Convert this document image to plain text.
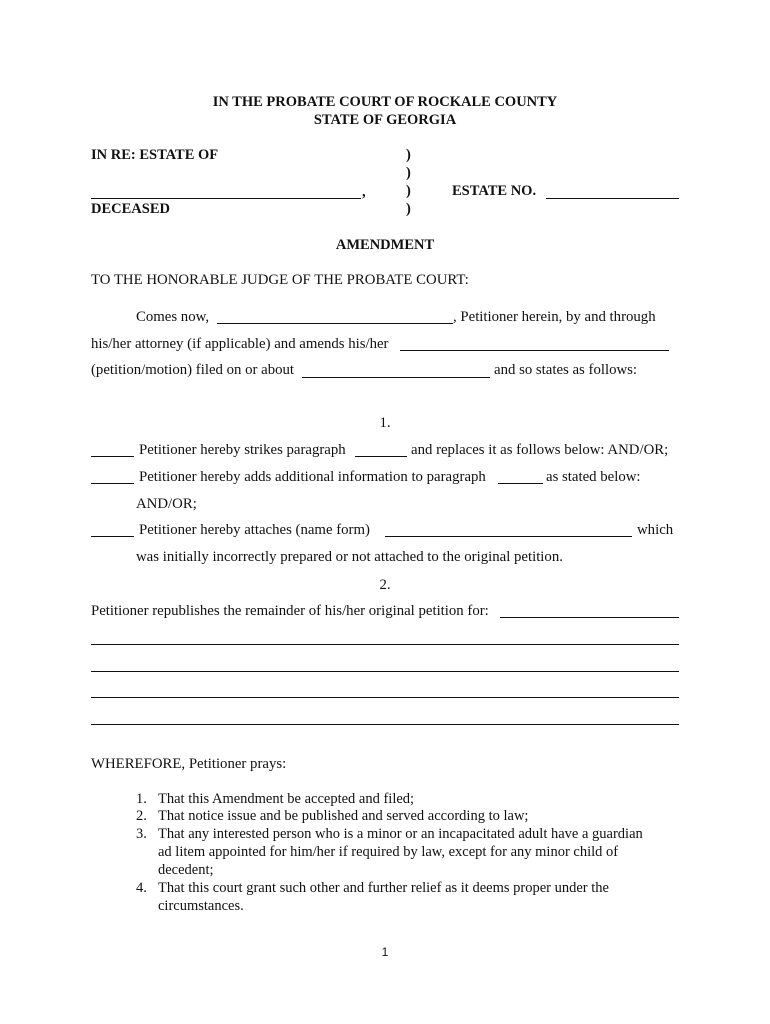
IN THE PROBATE COURT OF ROCKALE COUNTY
STATE OF GEORGIA
IN RE: ESTATE OF
,
DECEASED
)
)
)
)
ESTATE NO.
AMENDMENT
TO THE HONORABLE JUDGE OF THE PROBATE COURT:
Comes now,	, Petitioner herein, by and through
his/her attorney (if applicable) and amends his/her
(petition/motion) filed on or about	and so states as follows:
1.
Petitioner hereby strikes paragraph	and replaces it as follows below: AND/OR;
Petitioner hereby adds additional information to paragraph	as stated below:
AND/OR;
Petitioner hereby attaches (name form)	which
was initially incorrectly prepared or not attached to the original petition.
2.
Petitioner republishes the remainder of his/her original petition for:
WHEREFORE, Petitioner prays:
1. That this Amendment be accepted and filed;
2. That notice issue and be published and served according to law;
3. That any interested person who is a minor or an incapacitated adult have a guardian
ad litem appointed for him/her if required by law, except for any minor child of
decedent;
4. That this court grant such other and further relief as it deems proper under the
circumstances.
1
